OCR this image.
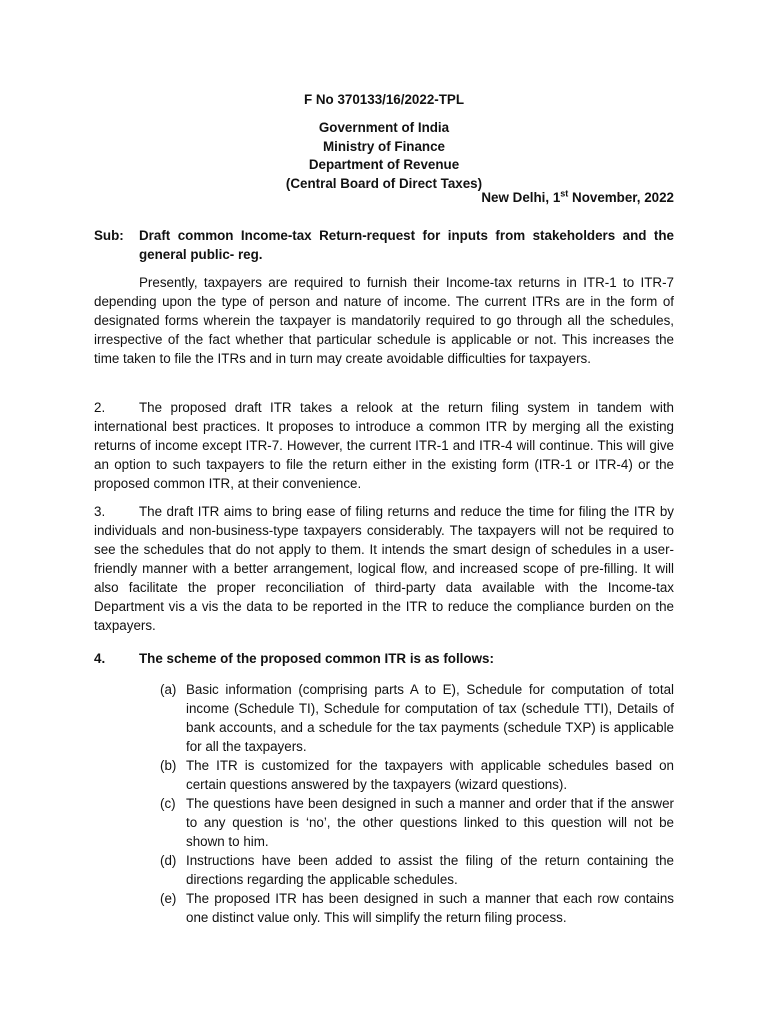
F No 370133/16/2022-TPL
Government of India
Ministry of Finance
Department of Revenue
(Central Board of Direct Taxes)
New Delhi, 1st November, 2022
Sub: Draft common Income-tax Return-request for inputs from stakeholders and the general public- reg.
Presently, taxpayers are required to furnish their Income-tax returns in ITR-1 to ITR-7 depending upon the type of person and nature of income. The current ITRs are in the form of designated forms wherein the taxpayer is mandatorily required to go through all the schedules, irrespective of the fact whether that particular schedule is applicable or not. This increases the time taken to file the ITRs and in turn may create avoidable difficulties for taxpayers.
2.	The proposed draft ITR takes a relook at the return filing system in tandem with international best practices. It proposes to introduce a common ITR by merging all the existing returns of income except ITR-7. However, the current ITR-1 and ITR-4 will continue. This will give an option to such taxpayers to file the return either in the existing form (ITR-1 or ITR-4) or the proposed common ITR, at their convenience.
3.	The draft ITR aims to bring ease of filing returns and reduce the time for filing the ITR by individuals and non-business-type taxpayers considerably. The taxpayers will not be required to see the schedules that do not apply to them. It intends the smart design of schedules in a user-friendly manner with a better arrangement, logical flow, and increased scope of pre-filling. It will also facilitate the proper reconciliation of third-party data available with the Income-tax Department vis a vis the data to be reported in the ITR to reduce the compliance burden on the taxpayers.
4.	The scheme of the proposed common ITR is as follows:
(a) Basic information (comprising parts A to E), Schedule for computation of total income (Schedule TI), Schedule for computation of tax (schedule TTI), Details of bank accounts, and a schedule for the tax payments (schedule TXP) is applicable for all the taxpayers.
(b) The ITR is customized for the taxpayers with applicable schedules based on certain questions answered by the taxpayers (wizard questions).
(c) The questions have been designed in such a manner and order that if the answer to any question is ‘no’, the other questions linked to this question will not be shown to him.
(d) Instructions have been added to assist the filing of the return containing the directions regarding the applicable schedules.
(e) The proposed ITR has been designed in such a manner that each row contains one distinct value only. This will simplify the return filing process.
